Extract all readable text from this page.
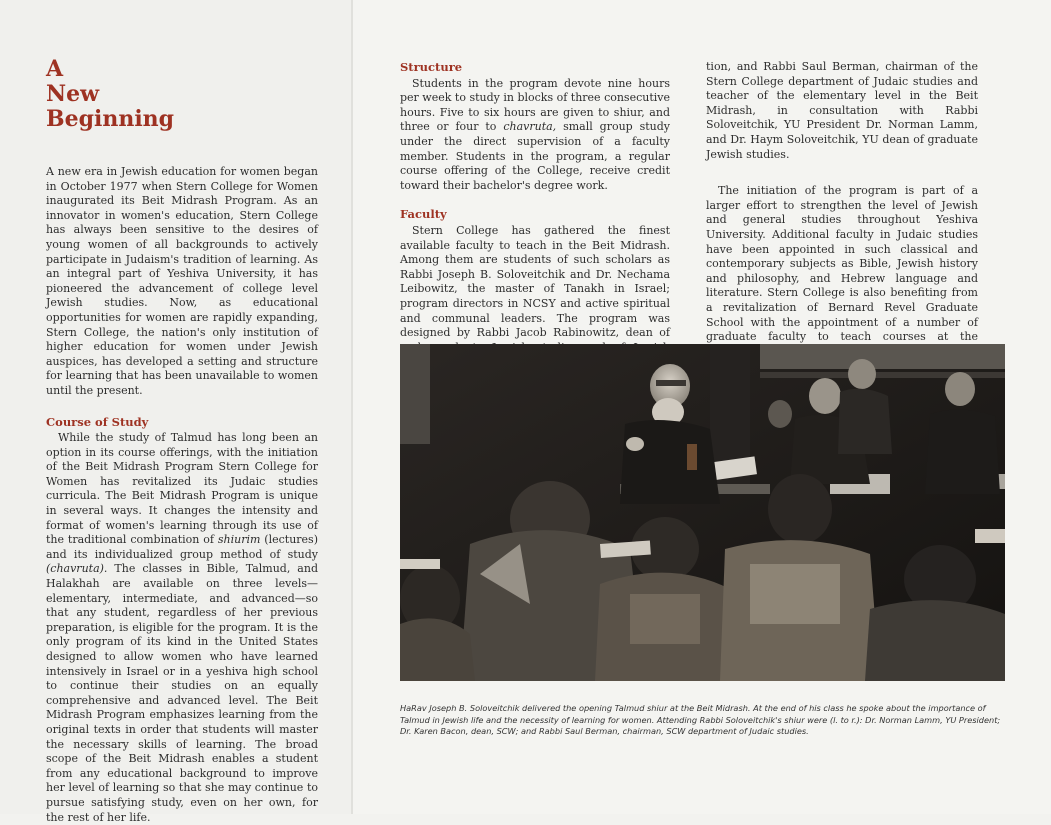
A
New
Beginning

A new era in Jewish education for women began in October 1977 when Stern College for Women inaugurated its Beit Midrash Program. As an innovator in women's education, Stern College has always been sensitive to the desires of young women of all backgrounds to actively participate in Judaism's tradition of learning. As an integral part of Yeshiva University, it has pioneered the advancement of college level Jewish studies. Now, as educational opportunities for women are rapidly expanding, Stern College, the nation's only institution of higher education for women under Jewish auspices, has developed a setting and structure for learning that has been unavailable to women until the present.

Course of Study

While the study of Talmud has long been an option in its course offerings, with the initiation of the Beit Midrash Program Stern College for Women has revitalized its Judaic studies curricula. The Beit Midrash Program is unique in several ways. It changes the intensity and format of women's learning through its use of the traditional combination of shiurim (lectures) and its individualized group method of study (chavruta). The classes in Bible, Talmud, and Halakhah are available on three levels—elementary, intermediate, and advanced—so that any student, regardless of her previous preparation, is eligible for the program. It is the only program of its kind in the United States designed to allow women who have learned intensively in Israel or in a yeshiva high school to continue their studies on an equally comprehensive and advanced level. The Beit Midrash Program emphasizes learning from the original texts in order that students will master the necessary skills of learning. The broad scope of the Beit Midrash enables a student from any educational background to improve her level of learning so that she may continue to pursue satisfying study, even on her own, for the rest of her life.

Structure

Students in the program devote nine hours per week to study in blocks of three consecutive hours. Five to six hours are given to shiur, and three or four to chavruta, small group study under the direct supervision of a faculty member. Students in the program, a regular course offering of the College, receive credit toward their bachelor's degree work.

Faculty

Stern College has gathered the finest available faculty to teach in the Beit Midrash. Among them are students of such scholars as Rabbi Joseph B. Soloveitchik and Dr. Nechama Leibowitz, the master of Tanakh in Israel; program directors in NCSY and active spiritual and communal leaders. The program was designed by Rabbi Jacob Rabinowitz, dean of

tion, and Rabbi Saul Berman, chairman of the Stern College department of Judaic studies and teacher of the elementary level in the Beit Midrash, in consultation with Rabbi Soloveitchik, YU President Dr. Norman Lamm, and Dr. Haym Soloveitchik, YU dean of graduate Jewish studies.

The initiation of the program is part of a larger effort to strengthen the level of Jewish and general studies throughout Yeshiva University. Additional faculty in Judaic studies have been appointed in such classical and contemporary subjects as Bible, Jewish history and philosophy, and Hebrew language and literature. Stern College is also benefiting from a revitalization of Bernard Revel Graduate School with the appointment of a number of graduate faculty to teach courses at the

HaRav Joseph B. Soloveitchik delivered the opening Talmud shiur at the Beit Midrash. At the end of his class he spoke about the importance of Talmud in Jewish life and the necessity of learning for women. Attending Rabbi Soloveitchik's shiur were (l. to r.): Dr. Norman Lamm, YU President; Dr. Karen Bacon, dean, SCW; and Rabbi Saul Berman, chairman, SCW department of Judaic studies.
